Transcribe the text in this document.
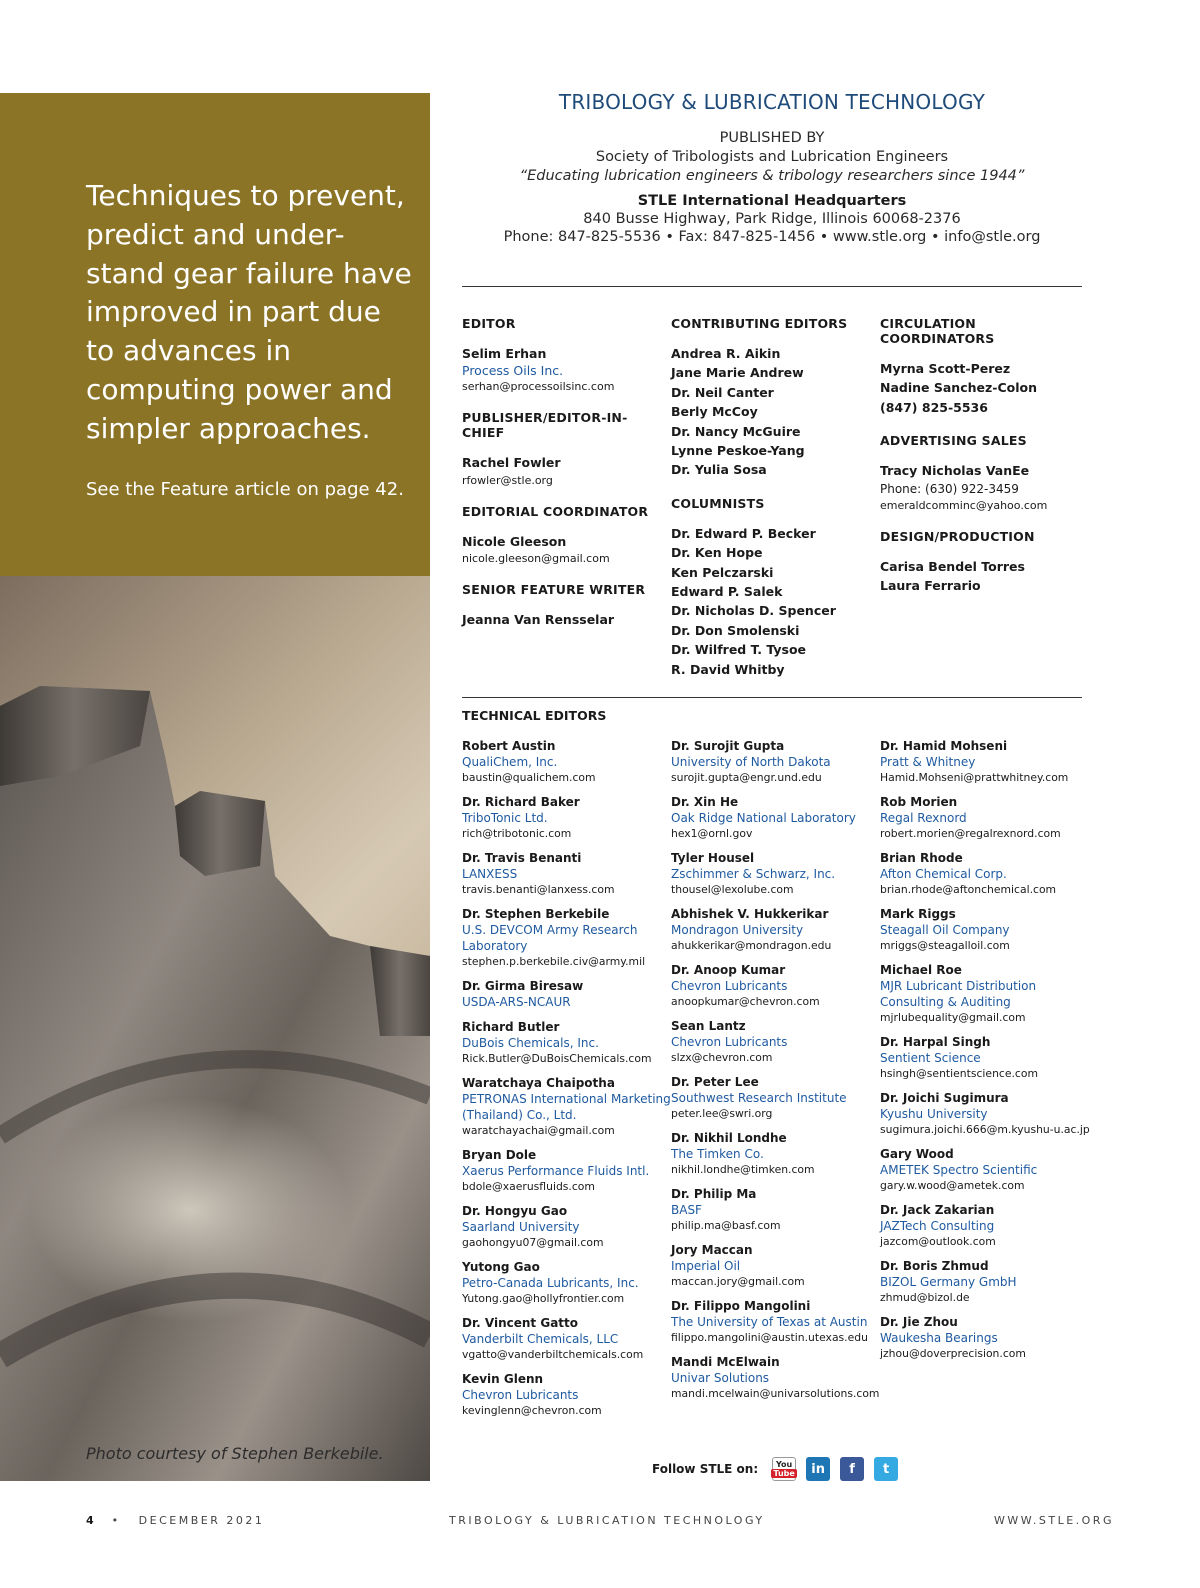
Techniques to prevent, predict and under-stand gear failure have improved in part due to advances in computing power and simpler approaches.
See the Feature article on page 42.
Photo courtesy of Stephen Berkebile.
TRIBOLOGY & LUBRICATION TECHNOLOGY
PUBLISHED BY
Society of Tribologists and Lubrication Engineers
“Educating lubrication engineers & tribology researchers since 1944”
STLE International Headquarters
840 Busse Highway, Park Ridge, Illinois 60068-2376
Phone: 847-825-5536 • Fax: 847-825-1456 • www.stle.org • info@stle.org
EDITOR
Selim Erhan
Process Oils Inc.
serhan@processoilsinc.com
PUBLISHER/EDITOR-IN-CHIEF
Rachel Fowler
rfowler@stle.org
EDITORIAL COORDINATOR
Nicole Gleeson
nicole.gleeson@gmail.com
SENIOR FEATURE WRITER
Jeanna Van Rensselar
CONTRIBUTING EDITORS
Andrea R. Aikin
Jane Marie Andrew
Dr. Neil Canter
Berly McCoy
Dr. Nancy McGuire
Lynne Peskoe-Yang
Dr. Yulia Sosa
COLUMNISTS
Dr. Edward P. Becker
Dr. Ken Hope
Ken Pelczarski
Edward P. Salek
Dr. Nicholas D. Spencer
Dr. Don Smolenski
Dr. Wilfred T. Tysoe
R. David Whitby
CIRCULATION COORDINATORS
Myrna Scott-Perez
Nadine Sanchez-Colon
(847) 825-5536
ADVERTISING SALES
Tracy Nicholas VanEe
Phone: (630) 922-3459
emeraldcomminc@yahoo.com
DESIGN/PRODUCTION
Carisa Bendel Torres
Laura Ferrario
TECHNICAL EDITORS
Robert Austin
QualiChem, Inc.
baustin@qualichem.com
Dr. Richard Baker
TriboTonic Ltd.
rich@tribotonic.com
Dr. Travis Benanti
LANXESS
travis.benanti@lanxess.com
Dr. Stephen Berkebile
U.S. DEVCOM Army Research Laboratory
stephen.p.berkebile.civ@army.mil
Dr. Girma Biresaw
USDA-ARS-NCAUR
Richard Butler
DuBois Chemicals, Inc.
Rick.Butler@DuBoisChemicals.com
Waratchaya Chaipotha
PETRONAS International Marketing (Thailand) Co., Ltd.
waratchayachai@gmail.com
Bryan Dole
Xaerus Performance Fluids Intl.
bdole@xaerusfluids.com
Dr. Hongyu Gao
Saarland University
gaohongyu07@gmail.com
Yutong Gao
Petro-Canada Lubricants, Inc.
Yutong.gao@hollyfrontier.com
Dr. Vincent Gatto
Vanderbilt Chemicals, LLC
vgatto@vanderbiltchemicals.com
Kevin Glenn
Chevron Lubricants
kevinglenn@chevron.com
Dr. Surojit Gupta
University of North Dakota
surojit.gupta@engr.und.edu
Dr. Xin He
Oak Ridge National Laboratory
hex1@ornl.gov
Tyler Housel
Zschimmer & Schwarz, Inc.
thousel@lexolube.com
Abhishek V. Hukkerikar
Mondragon University
ahukkerikar@mondragon.edu
Dr. Anoop Kumar
Chevron Lubricants
anoopkumar@chevron.com
Sean Lantz
Chevron Lubricants
slzx@chevron.com
Dr. Peter Lee
Southwest Research Institute
peter.lee@swri.org
Dr. Nikhil Londhe
The Timken Co.
nikhil.londhe@timken.com
Dr. Philip Ma
BASF
philip.ma@basf.com
Jory Maccan
Imperial Oil
maccan.jory@gmail.com
Dr. Filippo Mangolini
The University of Texas at Austin
filippo.mangolini@austin.utexas.edu
Mandi McElwain
Univar Solutions
mandi.mcelwain@univarsolutions.com
Dr. Hamid Mohseni
Pratt & Whitney
Hamid.Mohseni@prattwhitney.com
Rob Morien
Regal Rexnord
robert.morien@regalrexnord.com
Brian Rhode
Afton Chemical Corp.
brian.rhode@aftonchemical.com
Mark Riggs
Steagall Oil Company
mriggs@steagalloil.com
Michael Roe
MJR Lubricant Distribution Consulting & Auditing
mjrlubequality@gmail.com
Dr. Harpal Singh
Sentient Science
hsingh@sentientscience.com
Dr. Joichi Sugimura
Kyushu University
sugimura.joichi.666@m.kyushu-u.ac.jp
Gary Wood
AMETEK Spectro Scientific
gary.w.wood@ametek.com
Dr. Jack Zakarian
JAZTech Consulting
jazcom@outlook.com
Dr. Boris Zhmud
BIZOL Germany GmbH
zhmud@bizol.de
Dr. Jie Zhou
Waukesha Bearings
jzhou@doverprecision.com
Follow STLE on: You
Tube	in	f	t
4 • DECEMBER 2021	TRIBOLOGY & LUBRICATION TECHNOLOGY	WWW.STLE.ORG
